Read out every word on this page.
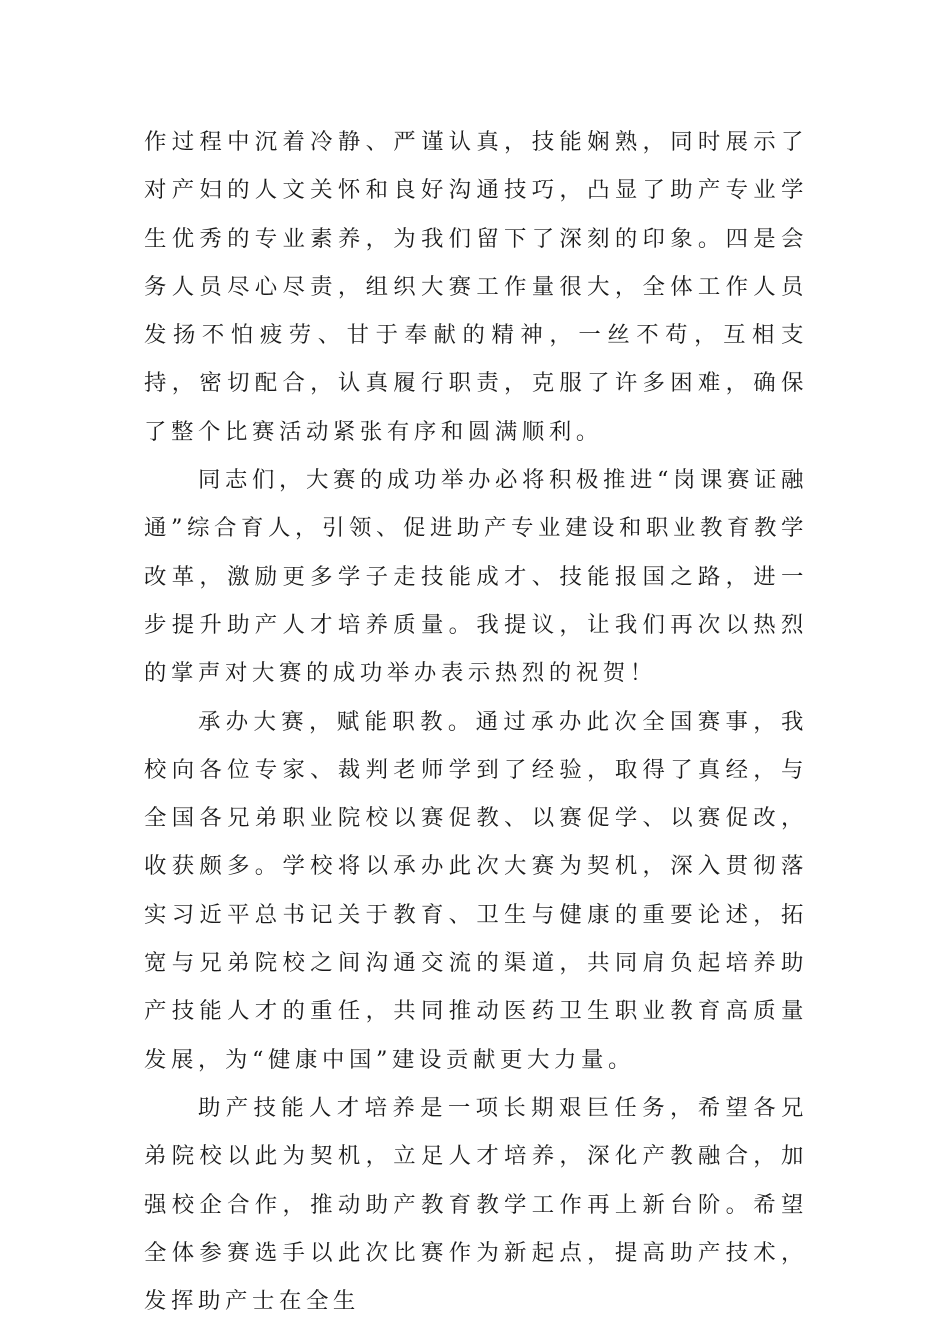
作过程中沉着冷静、严谨认真，技能娴熟，同时展示了对产妇的人文关怀和良好沟通技巧，凸显了助产专业学生优秀的专业素养，为我们留下了深刻的印象。四是会务人员尽心尽责，组织大赛工作量很大，全体工作人员发扬不怕疲劳、甘于奉献的精神，一丝不苟，互相支持，密切配合，认真履行职责，克服了许多困难，确保了整个比赛活动紧张有序和圆满顺利。

同志们，大赛的成功举办必将积极推进“岗课赛证融通”综合育人，引领、促进助产专业建设和职业教育教学改革，激励更多学子走技能成才、技能报国之路，进一步提升助产人才培养质量。我提议，让我们再次以热烈的掌声对大赛的成功举办表示热烈的祝贺！

承办大赛，赋能职教。通过承办此次全国赛事，我校向各位专家、裁判老师学到了经验，取得了真经，与全国各兄弟职业院校以赛促教、以赛促学、以赛促改，收获颇多。学校将以承办此次大赛为契机，深入贯彻落实习近平总书记关于教育、卫生与健康的重要论述，拓宽与兄弟院校之间沟通交流的渠道，共同肩负起培养助产技能人才的重任，共同推动医药卫生职业教育高质量发展，为“健康中国”建设贡献更大力量。

助产技能人才培养是一项长期艰巨任务，希望各兄弟院校以此为契机，立足人才培养，深化产教融合，加强校企合作，推动助产教育教学工作再上新台阶。希望全体参赛选手以此次比赛作为新起点，提高助产技术，发挥助产士在全生
